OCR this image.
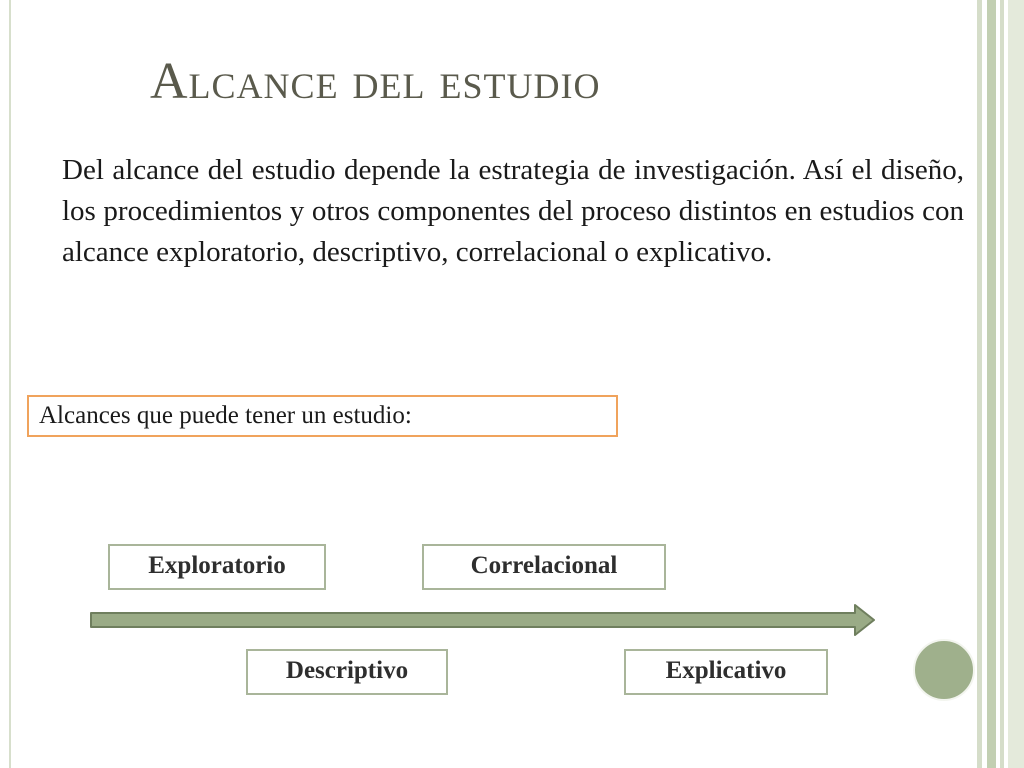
Alcance del estudio

Del alcance del estudio depende la estrategia de investigación. Así el diseño, los procedimientos y otros componentes del proceso distintos en estudios con alcance exploratorio, descriptivo, correlacional o explicativo.

Alcances que puede tener un estudio:
Exploratorio	Correlacional
Descriptivo	Explicativo
